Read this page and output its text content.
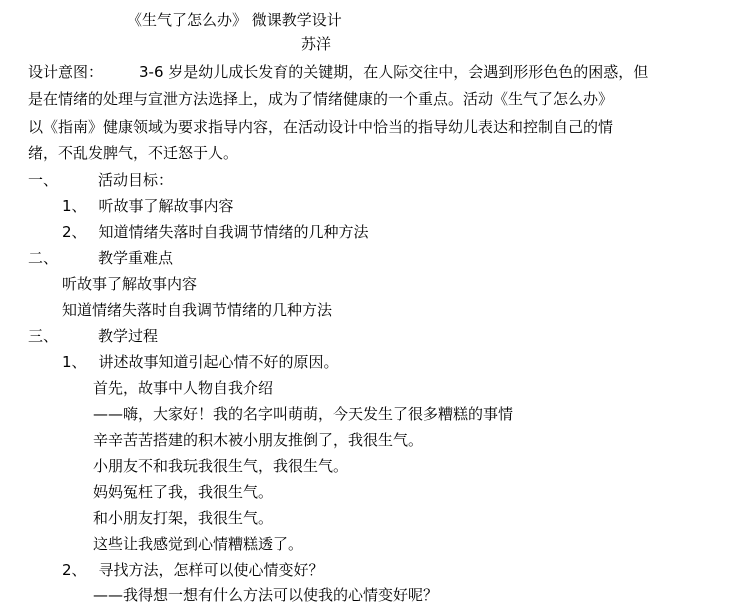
《生气了怎么办》 微课教学设计
苏洋
设计意图： 3-6 岁是幼儿成长发育的关键期，在人际交往中，会遇到形形色色的困惑，但
是在情绪的处理与宣泄方法选择上，成为了情绪健康的一个重点。活动《生气了怎么办》
以《指南》健康领域为要求指导内容，在活动设计中恰当的指导幼儿表达和控制自己的情
绪，不乱发脾气，不迁怒于人。
一、	活动目标：
1、 听故事了解故事内容
2、 知道情绪失落时自我调节情绪的几种方法
二、	教学重难点
听故事了解故事内容
知道情绪失落时自我调节情绪的几种方法
三、	教学过程
1、 讲述故事知道引起心情不好的原因。
首先，故事中人物自我介绍
——嗨，大家好！我的名字叫萌萌，今天发生了很多糟糕的事情
辛辛苦苦搭建的积木被小朋友推倒了，我很生气。
小朋友不和我玩我很生气，我很生气。
妈妈冤枉了我，我很生气。
和小朋友打架，我很生气。
这些让我感觉到心情糟糕透了。
2、 寻找方法，怎样可以使心情变好？
——我得想一想有什么方法可以使我的心情变好呢？
